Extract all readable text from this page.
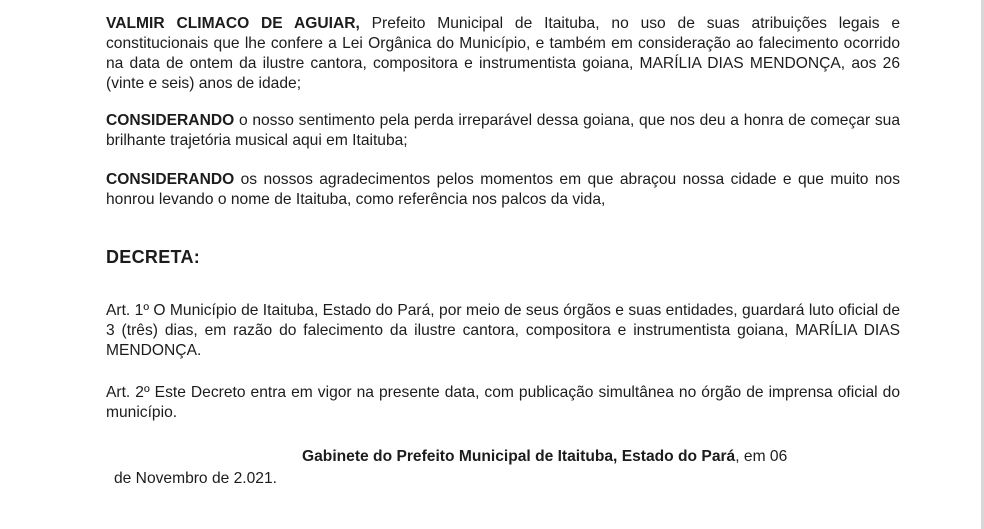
VALMIR CLIMACO DE AGUIAR, Prefeito Municipal de Itaituba, no uso de suas atribuições legais e constitucionais que lhe confere a Lei Orgânica do Município, e também em consideração ao falecimento ocorrido na data de ontem da ilustre cantora, compositora e instrumentista goiana, MARÍLIA DIAS MENDONÇA, aos 26 (vinte e seis) anos de idade;

CONSIDERANDO o nosso sentimento pela perda irreparável dessa goiana, que nos deu a honra de começar sua brilhante trajetória musical aqui em Itaituba;

CONSIDERANDO os nossos agradecimentos pelos momentos em que abraçou nossa cidade e que muito nos honrou levando o nome de Itaituba, como referência nos palcos da vida,

DECRETA:

Art. 1º O Município de Itaituba, Estado do Pará, por meio de seus órgãos e suas entidades, guardará luto oficial de 3 (três) dias, em razão do falecimento da ilustre cantora, compositora e instrumentista goiana, MARÍLIA DIAS MENDONÇA.

Art. 2º Este Decreto entra em vigor na presente data, com publicação simultânea no órgão de imprensa oficial do município.

Gabinete do Prefeito Municipal de Itaituba, Estado do Pará, em 06

de Novembro de 2.021.
